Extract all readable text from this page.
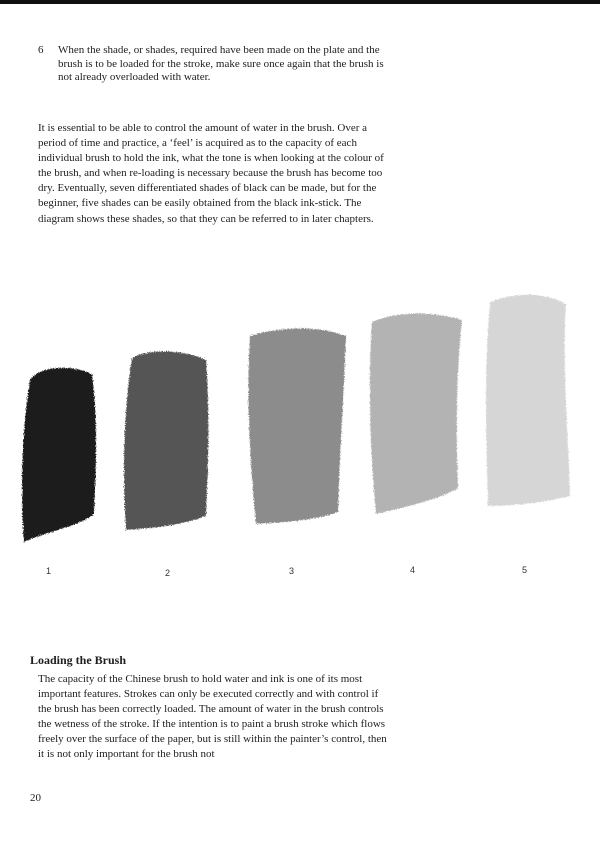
6 When the shade, or shades, required have been made on the plate and the brush is to be loaded for the stroke, make sure once again that the brush is not already overloaded with water.

It is essential to be able to control the amount of water in the brush. Over a period of time and practice, a ‘feel’ is acquired as to the capacity of each individual brush to hold the ink, what the tone is when looking at the colour of the brush, and when re-loading is necessary because the brush has become too dry. Eventually, seven differentiated shades of black can be made, but for the beginner, five shades can be easily obtained from the black ink-stick. The diagram shows these shades, so that they can be referred to in later chapters.

1	2	3	4	5
Loading the Brush

The capacity of the Chinese brush to hold water and ink is one of its most important features. Strokes can only be executed correctly and with control if the brush has been correctly loaded. The amount of water in the brush controls the wetness of the stroke. If the intention is to paint a brush stroke which flows freely over the surface of the paper, but is still within the painter’s control, then it is not only important for the brush not

20
